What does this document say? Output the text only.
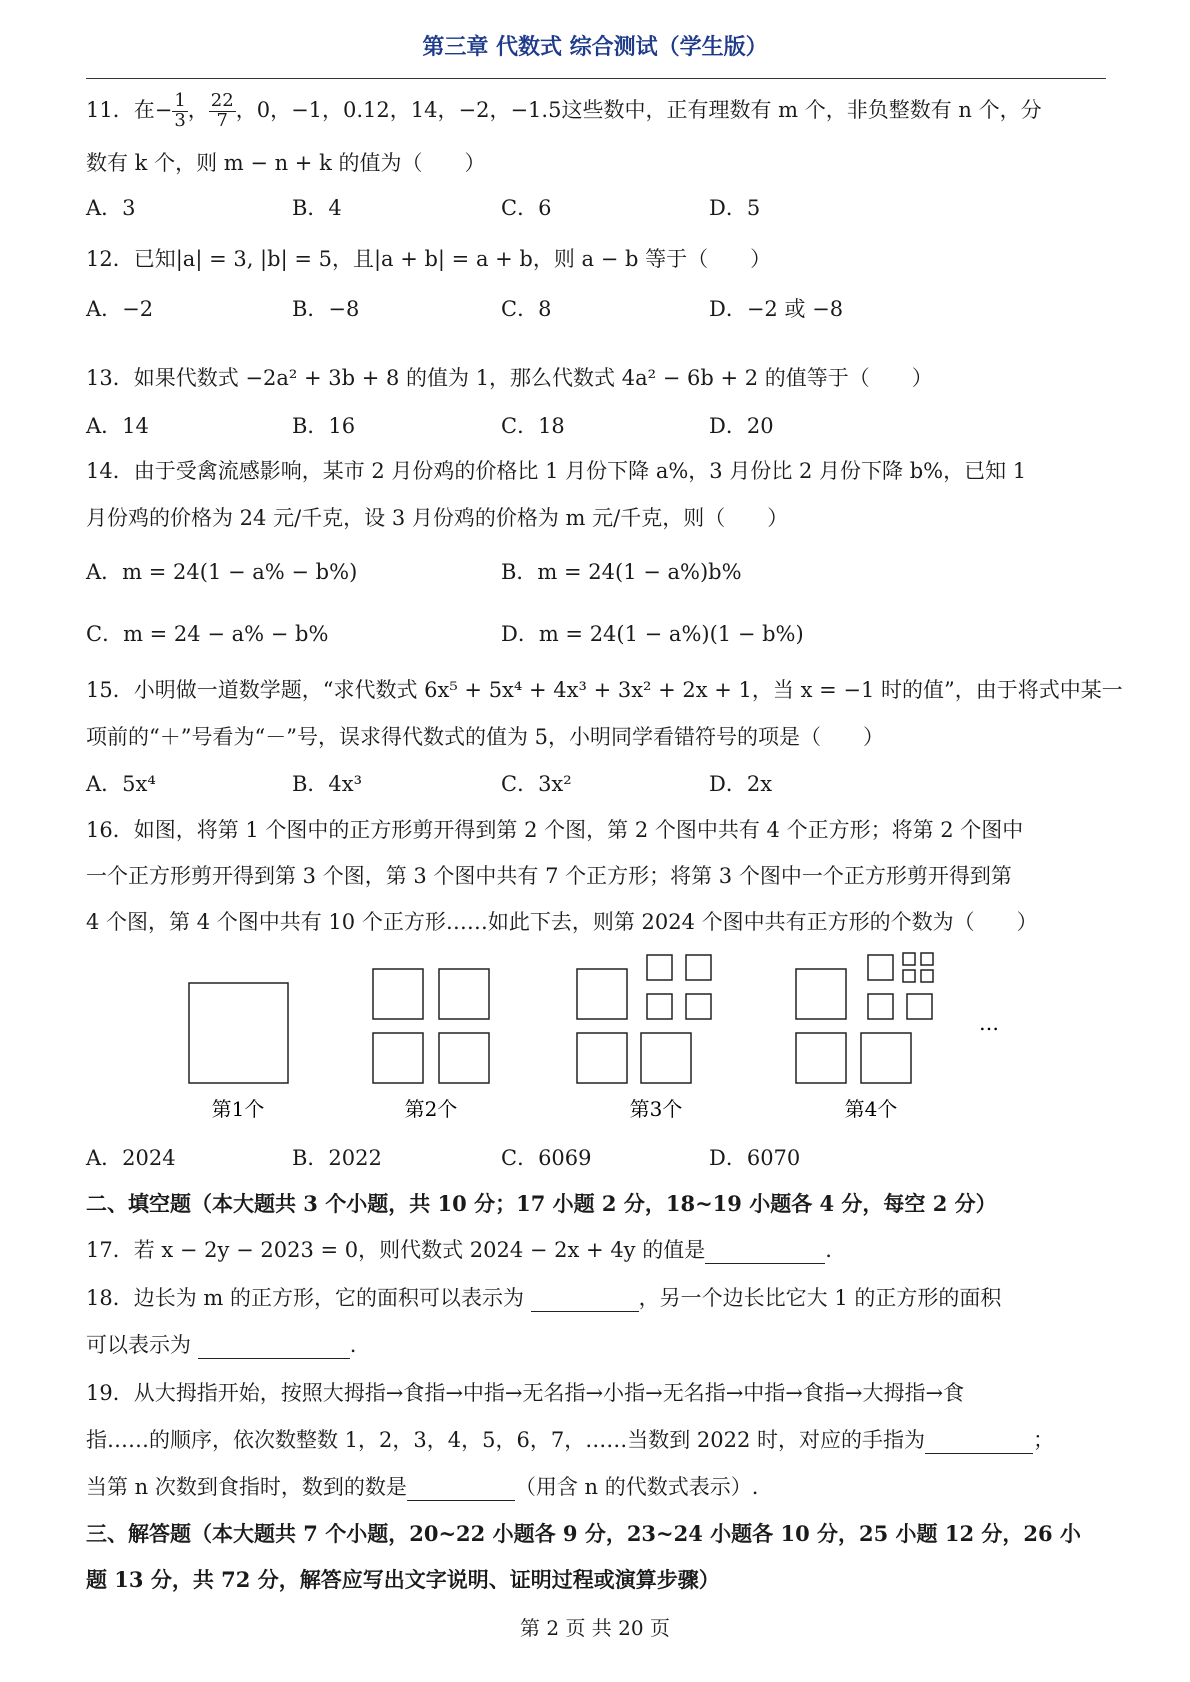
第三章 代数式 综合测试（学生版）
11．在− $\frac{1}{3}$ ， $\frac{22}{7}$ ，0，−1，0.12，14，−2，−1.5这些数中，正有理数有 m 个，非负整数有 n 个，分
数有 k 个，则 m − n + k 的值为（　　）
A．3	B．4	C．6	D．5
12．已知|a| = 3, |b| = 5，且|a + b| = a + b，则 a − b 等于（　　）
A．−2	B．−8	C．8	D．−2 或 −8
13．如果代数式 −2a² + 3b + 8 的值为 1，那么代数式 4a² − 6b + 2 的值等于（　　）
A．14	B．16	C．18	D．20
14．由于受禽流感影响，某市 2 月份鸡的价格比 1 月份下降 a%，3 月份比 2 月份下降 b%，已知 1
月份鸡的价格为 24 元/千克，设 3 月份鸡的价格为 m 元/千克，则（　　）
A．m = 24(1 − a% − b%)	B．m = 24(1 − a%)b%
C．m = 24 − a% − b%	D．m = 24(1 − a%)(1 − b%)
15．小明做一道数学题，“求代数式 6x⁵ + 5x⁴ + 4x³ + 3x² + 2x + 1，当 x = −1 时的值”，由于将式中某一
项前的“＋”号看为“－”号，误求得代数式的值为 5，小明同学看错符号的项是（　　）
A．5x⁴	B．4x³	C．3x²	D．2x
16．如图，将第 1 个图中的正方形剪开得到第 2 个图，第 2 个图中共有 4 个正方形；将第 2 个图中
一个正方形剪开得到第 3 个图，第 3 个图中共有 7 个正方形；将第 3 个图中一个正方形剪开得到第
4 个图，第 4 个图中共有 10 个正方形……如此下去，则第 2024 个图中共有正方形的个数为（　　）
第1个	第2个	第3个	第4个
…
A．2024	B．2022	C．6069	D．6070
二、填空题（本大题共 3 个小题，共 10 分；17 小题 2 分，18~19 小题各 4 分，每空 2 分）
17．若 x − 2y − 2023 = 0，则代数式 2024 − 2x + 4y 的值是	.
18．边长为 m 的正方形，它的面积可以表示为	，另一个边长比它大 1 的正方形的面积
可以表示为	.
19．从大拇指开始，按照大拇指→食指→中指→无名指→小指→无名指→中指→食指→大拇指→食
指……的顺序，依次数整数 1，2，3，4，5，6，7，……当数到 2022 时，对应的手指为	；
当第 n 次数到食指时，数到的数是	（用含 n 的代数式表示）.
三、解答题（本大题共 7 个小题，20~22 小题各 9 分，23~24 小题各 10 分，25 小题 12 分，26 小
题 13 分，共 72 分，解答应写出文字说明、证明过程或演算步骤）
第 2 页 共 20 页
